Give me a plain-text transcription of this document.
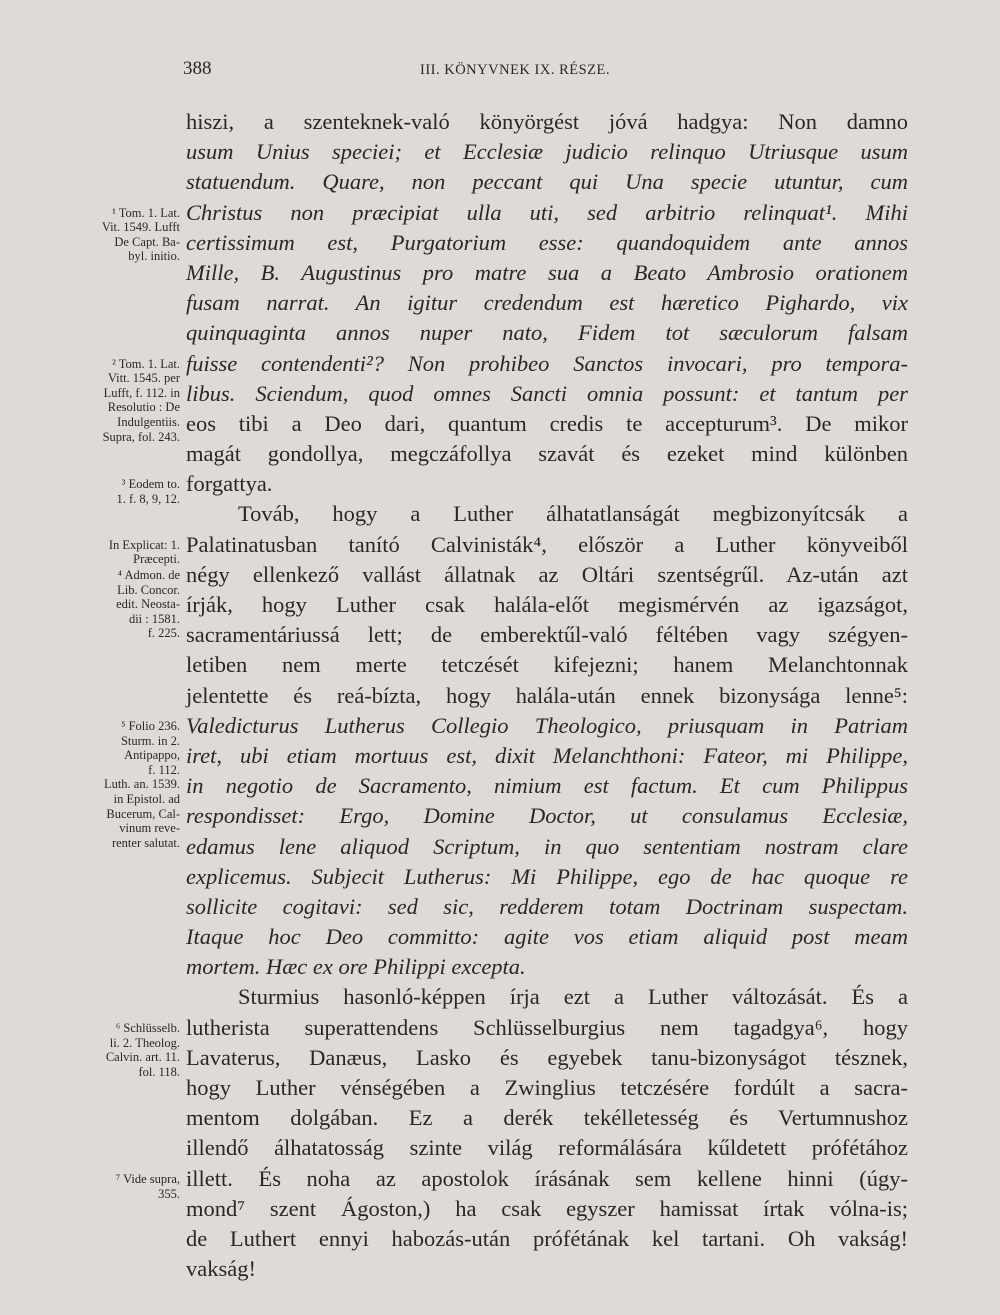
388	III. KÖNYVNEK IX. RÉSZE.
hiszi, a szenteknek-való könyörgést jóvá hadgya: Non damno
usum Unius speciei; et Ecclesiæ judicio relinquo Utriusque usum
statuendum. Quare, non peccant qui Una specie utuntur, cum
Christus non præcipiat ulla uti, sed arbitrio relinquat¹. Mihi
certissimum est, Purgatorium esse: quandoquidem ante annos
Mille, B. Augustinus pro matre sua a Beato Ambrosio orationem
fusam narrat. An igitur credendum est hæretico Pighardo, vix
quinquaginta annos nuper nato, Fidem tot sæculorum falsam
fuisse contendenti²? Non prohibeo Sanctos invocari, pro tempora-
libus. Sciendum, quod omnes Sancti omnia possunt: et tantum per
eos tibi a Deo dari, quantum credis te accepturum³. De mikor
magát gondollya, megczáfollya szavát és ezeket mind különben
forgattya.
Továb, hogy a Luther álhatatlanságát megbizonyítcsák a
Palatinatusban tanító Calvinisták⁴, először a Luther könyveiből
négy ellenkező vallást állatnak az Oltári szentségrűl. Az-után azt
írják, hogy Luther csak halála-előt megismérvén az igazságot,
sacramentáriussá lett; de emberektűl-való féltében vagy szégyen-
letiben nem merte tetczését kifejezni; hanem Melanchtonnak
jelentette és reá-bízta, hogy halála-után ennek bizonysága lenne⁵:
Valedicturus Lutherus Collegio Theologico, priusquam in Patriam
iret, ubi etiam mortuus est, dixit Melanchthoni: Fateor, mi Philippe,
in negotio de Sacramento, nimium est factum. Et cum Philippus
respondisset: Ergo, Domine Doctor, ut consulamus Ecclesiæ,
edamus lene aliquod Scriptum, in quo sententiam nostram clare
explicemus. Subjecit Lutherus: Mi Philippe, ego de hac quoque re
sollicite cogitavi: sed sic, redderem totam Doctrinam suspectam.
Itaque hoc Deo committo: agite vos etiam aliquid post meam
mortem. Hæc ex ore Philippi excepta.
Sturmius hasonló-képpen írja ezt a Luther változását. És a
lutherista superattendens Schlüsselburgius nem tagadgya⁶, hogy
Lavaterus, Danæus, Lasko és egyebek tanu-bizonyságot tésznek,
hogy Luther vénségében a Zwinglius tetczésére fordúlt a sacra-
mentom dolgában. Ez a derék tekélletesség és Vertumnushoz
illendő álhatatosság szinte világ reformálására kűldetett prófétához
illett. És noha az apostolok írásának sem kellene hinni (úgy-
mond⁷ szent Ágoston,) ha csak egyszer hamissat írtak vólna-is;
de Luthert ennyi habozás-után prófétának kel tartani. Oh vakság!
vakság!
¹ Tom. 1. Lat.
Vit. 1549. Lufft
De Capt. Ba-
byl. initio.
² Tom. 1. Lat.
Vitt. 1545. per
Lufft, f. 112. in
Resolutio : De
Indulgentiis.
Supra, fol. 243.
³ Eodem to.
1. f. 8, 9, 12.
In Explicat: 1.
Præcepti.
⁴ Admon. de
Lib. Concor.
edit. Neosta-
dii : 1581.
f. 225.
⁵ Folio 236.
Sturm. in 2.
Antipappo,
f. 112.
Luth. an. 1539.
in Epistol. ad
Bucerum, Cal-
vinum reve-
renter salutat.
⁶ Schlüsselb.
li. 2. Theolog.
Calvin. art. 11.
fol. 118.
⁷ Vide supra,
355.
